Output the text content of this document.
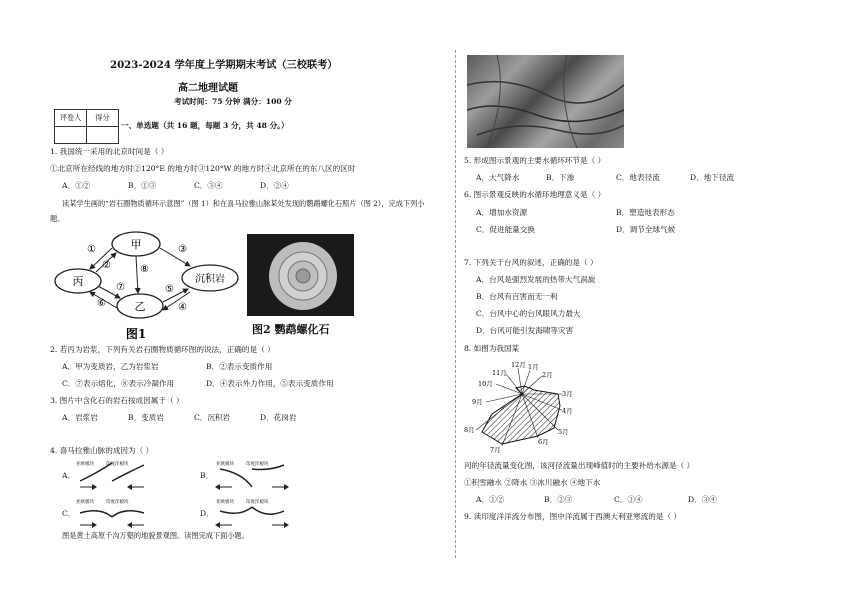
2023-2024 学年度上学期期末考试（三校联考）
高二地理试题
考试时间：75 分钟 满分：100 分
评卷人	得分

一、单选题（共 16 题，每题 3 分，共 48 分。）
1. 我国统一采用的北京时间是（ ）
①北京所在经线的地方时②120°E 的地方时③120°W 的地方时④北京所在的东八区的区时
A．①②	B．①③	C．③④	D．②④
读某学生画的“岩石圈物质循环示意图”（图 1）和在喜马拉雅山脉某处发现的鹦鹉螺化石照片（图 2），完成下列小
题。
甲
丙
乙
沉积岩
①
②
③
④
⑤
⑥
⑦
⑧
图1	图2 鹦鹉螺化石
2. 若丙为岩浆，下列有关岩石圈物质循环图的说法，正确的是（ ）
A．甲为变质岩，乙为岩浆岩	B．②表示变质作用
C．⑦表示熔化，⑧表示冷凝作用	D．④表示外力作用，⑤表示变质作用
3. 图片中含化石的岩石按成因属于（ ）
A．岩浆岩	B．变质岩	C．沉积岩	D．花岗岩
4. 喜马拉雅山脉的成因为（ ）
A．	B．
C．	D．
亚欧板块	印度洋板块	亚欧板块	印度洋板块
亚欧板块	印度洋板块	亚欧板块	印度洋板块
图是黄土高原千沟万壑的地貌景观图。读图完成下面小题。
5. 形成图示景观的主要水循环环节是（ ）
A．大气降水	B．下渗	C．地表径流	D．地下径流
6. 图示景观反映的水循环地理意义是（ ）
A．增加水资源	B．塑造地表形态
C．促进能量交换	D．调节全球气候
7. 下列关于台风的叙述，正确的是（ ）
A．台风是强烈发展的热带大气涡旋
B．台风有百害而无一利
C．台风中心的台风眼风力最大
D．台风可能引发海啸等灾害
8. 如图为我国某
12月 1月
2月
11月
10月
3月
9月
4月
8月	5月
6月
7月
河的年径流量变化图，该河径流量出现峰值时的主要补给水源是（ ）
①积雪融水 ②降水 ③冰川融水 ④地下水
A．①②	B．②③	C．①④	D．③④
9. 读印度洋洋流分布图，图中洋流属于西澳大利亚寒流的是（ ）
